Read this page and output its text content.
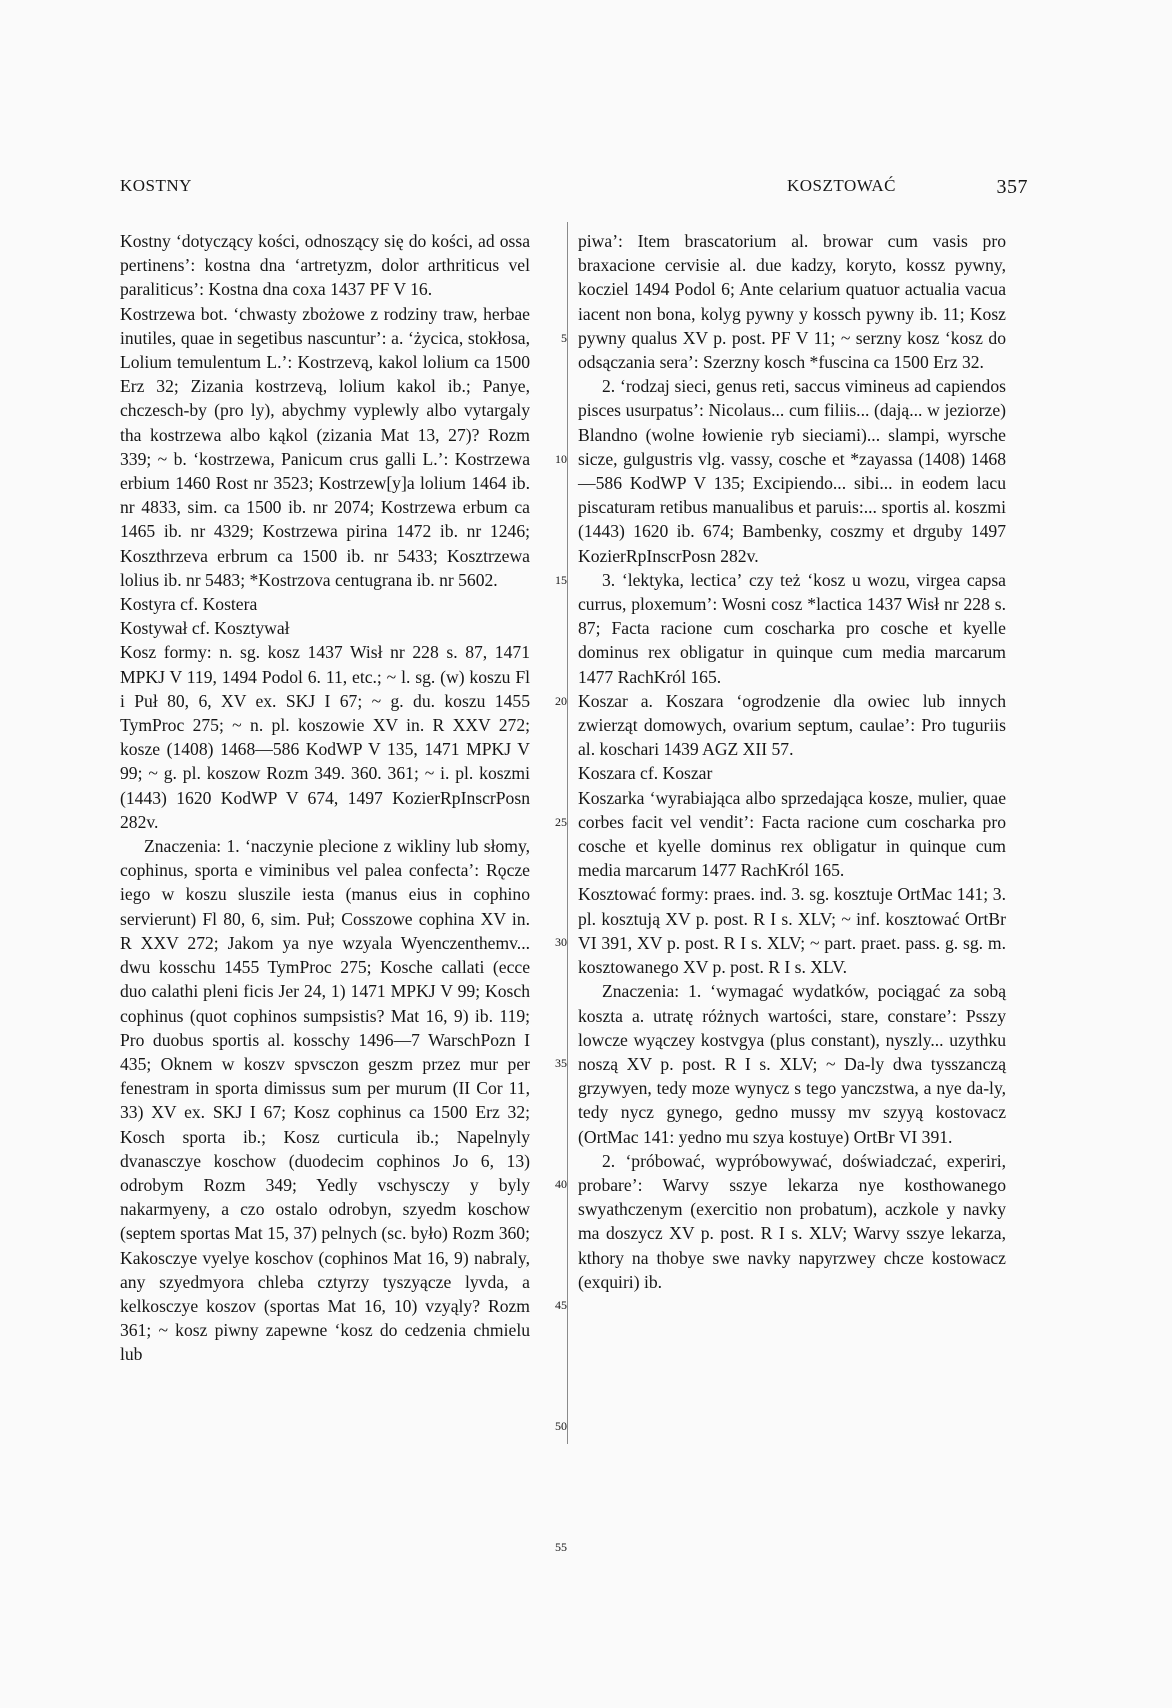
KOSTNY	KOSZTOWAĆ	357

Kostny ʻdotyczący kości, odnoszący się do kości, ad ossa pertinensʼ: kostna dna ʻartretyzm, dolor arthriticus vel paraliticusʼ: Kostna dna coxa 1437 PF V 16.

Kostrzewa bot. ʻchwasty zbożowe z rodziny traw, herbae inutiles, quae in segetibus nascunturʼ: a. ʻżycica, stokłosa, Lolium temulentum L.ʼ: Kostrzevą, kakol lolium ca 1500 Erz 32; Zizania kostrzevą, lolium kakol ib.; Panye, chczesch-by (pro ly), abychmy vyplewly albo vytargaly tha kostrzewa albo kąkol (zizania Mat 13, 27)? Rozm 339; ~ b. ʻkostrzewa, Panicum crus galli L.ʼ: Kostrzewa erbium 1460 Rost nr 3523; Kostrzew[y]a lolium 1464 ib. nr 4833, sim. ca 1500 ib. nr 2074; Kostrzewa erbum ca 1465 ib. nr 4329; Kostrzewa pirina 1472 ib. nr 1246; Koszthrzeva erbrum ca 1500 ib. nr 5433; Kosztrzewa lolius ib. nr 5483; *Kostrzova centugrana ib. nr 5602.

Kostyra cf. Kostera

Kostywał cf. Kosztywał

Kosz formy: n. sg. kosz 1437 Wisł nr 228 s. 87, 1471 MPKJ V 119, 1494 Podol 6. 11, etc.; ~ l. sg. (w) koszu Fl i Puł 80, 6, XV ex. SKJ I 67; ~ g. du. koszu 1455 TymProc 275; ~ n. pl. koszowie XV in. R XXV 272; kosze (1408) 1468—586 KodWP V 135, 1471 MPKJ V 99; ~ g. pl. koszow Rozm 349. 360. 361; ~ i. pl. koszmi (1443) 1620 KodWP V 674, 1497 KozierRpInscrPosn 282v.

Znaczenia: 1. ʻnaczynie plecione z wikliny lub słomy, cophinus, sporta e viminibus vel palea confectaʼ: Rǫcze iego w koszu sluszile iesta (manus eius in cophino servierunt) Fl 80, 6, sim. Puł; Cosszowe cophina XV in. R XXV 272; Jakom ya nye wzyala Wyenczenthemv... dwu kosschu 1455 TymProc 275; Kosche callati (ecce duo calathi pleni ficis Jer 24, 1) 1471 MPKJ V 99; Kosch cophinus (quot cophinos sumpsistis? Mat 16, 9) ib. 119; Pro duobus sportis al. kosschy 1496—7 WarschPozn I 435; Oknem w koszv spvsczon geszm przez mur per fenestram in sporta dimissus sum per murum (II Cor 11, 33) XV ex. SKJ I 67; Kosz cophinus ca 1500 Erz 32; Kosch sporta ib.; Kosz curticula ib.; Napelnyly dvanasczye koschow (duodecim cophinos Jo 6, 13) odrobym Rozm 349; Yedly vschysczy y byly nakarmyeny, a czo ostalo odrobyn, szyedm koschow (septem sportas Mat 15, 37) pelnych (sc. było) Rozm 360; Kakosczye vyelye koschov (cophinos Mat 16, 9) nabraly, any szyedmyora chleba cztyrzy tyszyącze lyvda, a kelkosczye koszov (sportas Mat 16, 10) vzyąly? Rozm 361; ~ kosz piwny zapewne ʻkosz do cedzenia chmielu lub

5
10
15
20
25
30
35
40
45
50
55

piwaʼ: Item brascatorium al. browar cum vasis pro braxacione cervisie al. due kadzy, koryto, kossz pywny, kocziel 1494 Podol 6; Ante celarium quatuor actualia vacua iacent non bona, kolyg pywny y kossch pywny ib. 11; Kosz pywny qualus XV p. post. PF V 11; ~ serzny kosz ʻkosz do odsączania seraʼ: Szerzny kosch *fuscina ca 1500 Erz 32.

2. ʻrodzaj sieci, genus reti, saccus vimineus ad capiendos pisces usurpatusʼ: Nicolaus... cum filiis... (dają... w jeziorze) Blandno (wolne łowienie ryb sieciami)... slampi, wyrsche sicze, gulgustris vlg. vassy, cosche et *zayassa (1408) 1468—586 KodWP V 135; Excipiendo... sibi... in eodem lacu piscaturam retibus manualibus et paruis:... sportis al. koszmi (1443) 1620 ib. 674; Bambenky, coszmy et drguby 1497 KozierRpInscrPosn 282v.

3. ʻlektyka, lecticaʼ czy też ʻkosz u wozu, virgea capsa currus, ploxemumʼ: Wosni cosz *lactica 1437 Wisł nr 228 s. 87; Facta racione cum coscharka pro cosche et kyelle dominus rex obligatur in quinque cum media marcarum 1477 RachKról 165.

Koszar a. Koszara ʻogrodzenie dla owiec lub innych zwierząt domowych, ovarium septum, caulaeʼ: Pro tuguriis al. koschari 1439 AGZ XII 57.

Koszara cf. Koszar

Koszarka ʻwyrabiająca albo sprzedająca kosze, mulier, quae corbes facit vel venditʼ: Facta racione cum coscharka pro cosche et kyelle dominus rex obligatur in quinque cum media marcarum 1477 RachKról 165.

Kosztować formy: praes. ind. 3. sg. kosztuje OrtMac 141; 3. pl. kosztują XV p. post. R I s. XLV; ~ inf. kosztować OrtBr VI 391, XV p. post. R I s. XLV; ~ part. praet. pass. g. sg. m. kosztowanego XV p. post. R I s. XLV.

Znaczenia: 1. ʻwymagać wydatków, pociągać za sobą koszta a. utratę różnych wartości, stare, constareʼ: Psszy lowcze wyączey kostvgya (plus constant), nyszly... uzythku noszą XV p. post. R I s. XLV; ~ Da-ly dwa tysszanczą grzywyen, tedy moze wynycz s tego yanczstwa, a nye da-ly, tedy nycz gynego, gedno mussy mv szyyą kostovacz (OrtMac 141: yedno mu szya kostuye) OrtBr VI 391.

2. ʻpróbować, wypróbowywać, doświadczać, experiri, probareʼ: Warvy sszye lekarza nye kosthowanego swyathczenym (exercitio non probatum), aczkole y navky ma doszycz XV p. post. R I s. XLV; Warvy sszye lekarza, kthory na thobye swe navky napyrzwey chcze kostowacz (exquiri) ib.
